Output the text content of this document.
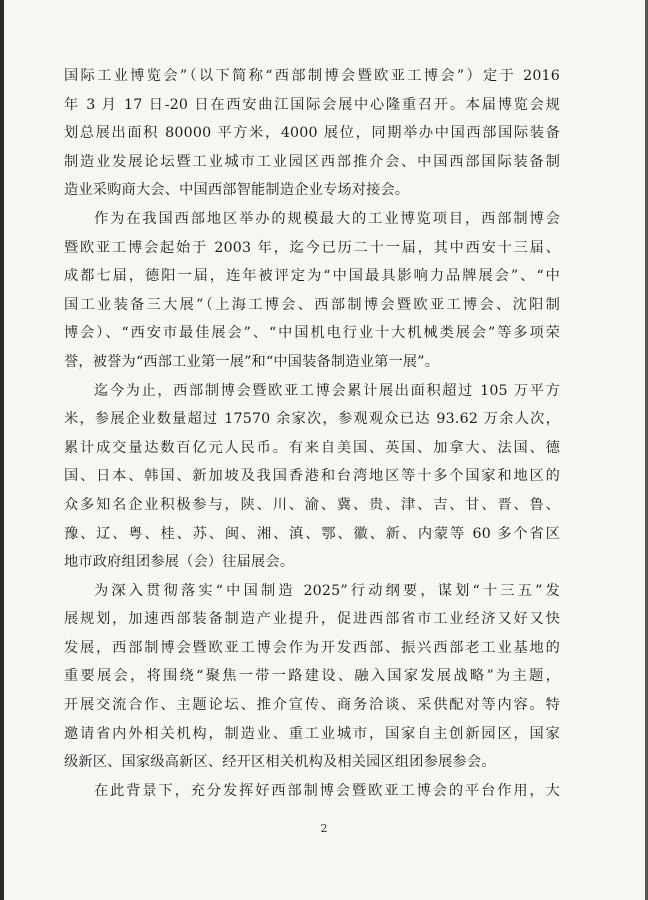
国际工业博览会”（以下简称“西部制博会暨欧亚工博会”）定于 2016
年 3 月 17 日-20 日在西安曲江国际会展中心隆重召开。本届博览会规
划总展出面积 80000 平方米，4000 展位，同期举办中国西部国际装备
制造业发展论坛暨工业城市工业园区西部推介会、中国西部国际装备制
造业采购商大会、中国西部智能制造企业专场对接会。
作为在我国西部地区举办的规模最大的工业博览项目，西部制博会
暨欧亚工博会起始于 2003 年，迄今已历二十一届，其中西安十三届、
成都七届，德阳一届，连年被评定为“中国最具影响力品牌展会”、“中
国工业装备三大展”（上海工博会、西部制博会暨欧亚工博会、沈阳制
博会）、“西安市最佳展会”、“中国机电行业十大机械类展会”等多项荣
誉，被誉为“西部工业第一展”和“中国装备制造业第一展”。
迄今为止，西部制博会暨欧亚工博会累计展出面积超过 105 万平方
米，参展企业数量超过 17570 余家次，参观观众已达 93.62 万余人次，
累计成交量达数百亿元人民币。有来自美国、英国、加拿大、法国、德
国、日本、韩国、新加坡及我国香港和台湾地区等十多个国家和地区的
众多知名企业积极参与，陕、川、渝、冀、贵、津、吉、甘、晋、鲁、
豫、辽、粤、桂、苏、闽、湘、滇、鄂、徽、新、内蒙等 60 多个省区
地市政府组团参展（会）往届展会。
为深入贯彻落实“中国制造 2025”行动纲要，谋划“十三五”发
展规划，加速西部装备制造产业提升，促进西部省市工业经济又好又快
发展，西部制博会暨欧亚工博会作为开发西部、振兴西部老工业基地的
重要展会，将围绕“聚焦一带一路建设、融入国家发展战略”为主题，
开展交流合作、主题论坛、推介宣传、商务洽谈、采供配对等内容。特
邀请省内外相关机构，制造业、重工业城市，国家自主创新园区，国家
级新区、国家级高新区、经开区相关机构及相关园区组团参展参会。
在此背景下，充分发挥好西部制博会暨欧亚工博会的平台作用，大
2
